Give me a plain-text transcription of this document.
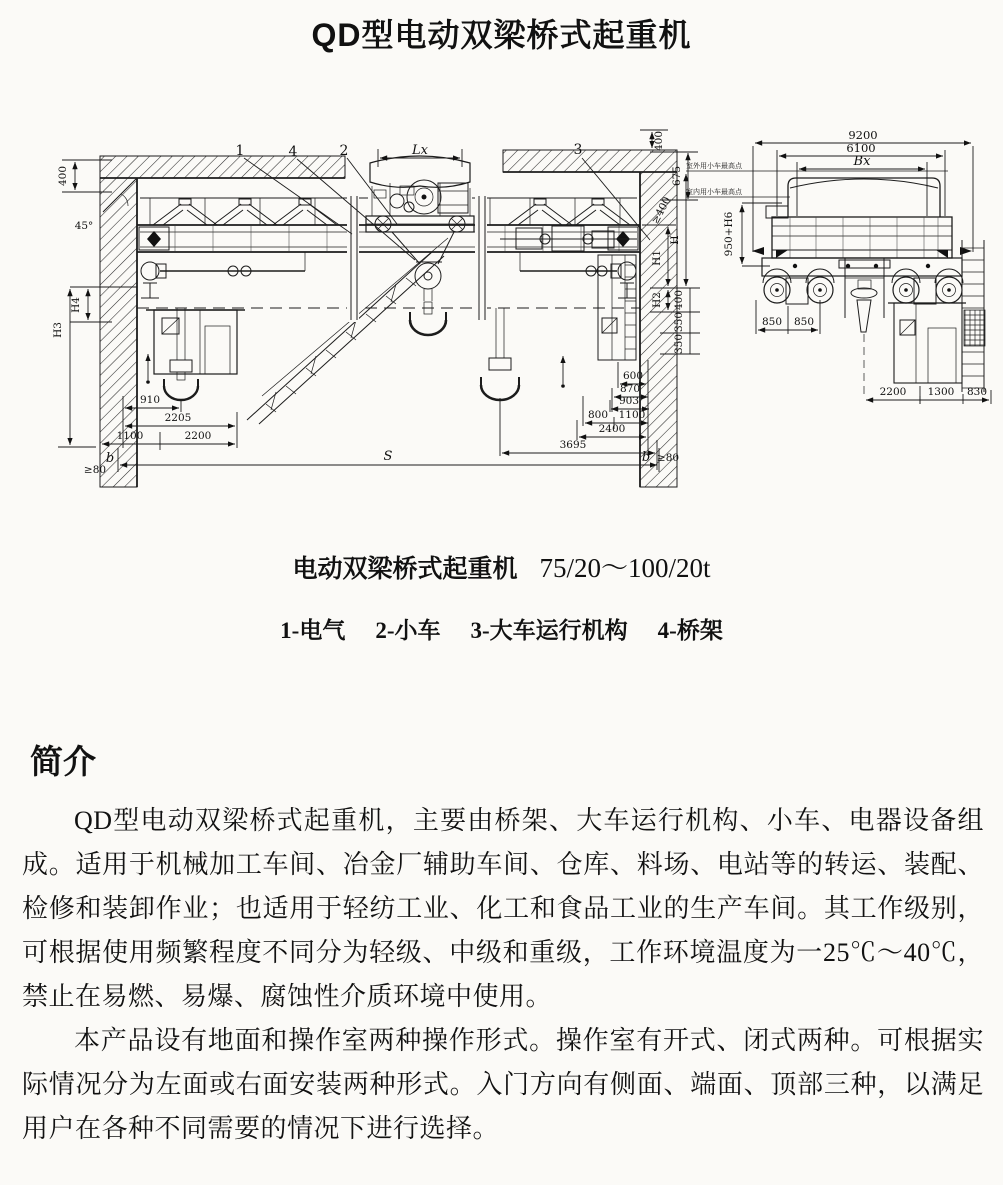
QD型电动双梁桥式起重机
1	4	2	3
400
45°
Lx	400
675
≥400
H
H1
H2 400
350
350
H4
H3
910
2205
1100	2200
600
870
903
800 1100
2400
3695
S
b
≥80
b ≥80
9200
6100
Bx
室外用小车最高点
室内用小车最高点
950+H6
850 850
2200 1300 830
电动双梁桥式起重机 75/20～100/20t
1-电气 2-小车 3-大车运行机构 4-桥架
简介

QD型电动双梁桥式起重机，主要由桥架、大车运行机构、小车、电器设备组成。适用于机械加工车间、冶金厂辅助车间、仓库、料场、电站等的转运、装配、检修和装卸作业；也适用于轻纺工业、化工和食品工业的生产车间。其工作级别，可根据使用频繁程度不同分为轻级、中级和重级，工作环境温度为一25℃～40℃，禁止在易燃、易爆、腐蚀性介质环境中使用。

本产品设有地面和操作室两种操作形式。操作室有开式、闭式两种。可根据实际情况分为左面或右面安装两种形式。入门方向有侧面、端面、顶部三种，以满足用户在各种不同需要的情况下进行选择。
